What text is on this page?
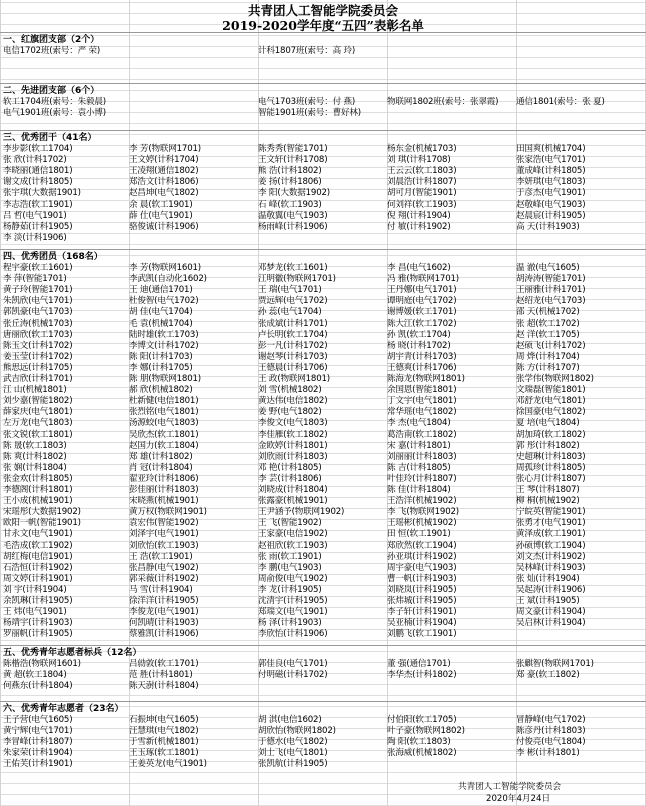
共青团人工智能学院委员会
2019-2020学年度“五四”表彰名单
一、红旗团支部（2个）
电信1702班(索号：严 荣)	计科1807班(索号：高 玲)
二、先进团支部（6个）
软工1704班(索号：朱毅晨)	电气1703班(索号：付 燕)	物联网1802班(索号：张翠霞) 通信1801(索号：张 夏)
电气1901班(索号：袁小博)	智能1901班(索号：曹好林)
三、优秀团干（41名）
李步影(软工1704)	李 芳(物联网1701)	陈秀秀(智能1701)	杨东金(机械1703)	田国爽(机械1704)
张 欣(计科1702)	王文婷(计科1704)	王文轩(计科1708)	刘 琪(计科1708)	张家浩(电气1701)
李晓丽(通信1801)	王凌翔(通信1802)	熊 浩(计科1802)	王云云(软工1803)	董成峰(计科1805)
谢文成(计科1805)	郑浩文(计科1806)	姜 扬(计科1806)	刘晨浩(计科1807)	李妍琪(电气1803)
张宇琪(大数据1901)	赵昌坤(电气1802)	李 阳(大数据1902)	胡可月(智能1901)	于彦杰(电气1901)
李志浩(软工1901)	余 晨(软工1901)	石 峰(软工1903)	何刘祥(软工1903)	赵敬峰(电气1903)
吕 哲(电气1901)	薛 仕(电气1901)	温敬翼(电气1903)	倪 翔(计科1904)	赵晨宸(计科1905)
杨静茹(计科1905)	骆俊诚(计科1906)	杨雨峰(计科1906)	付 敏(计科1902)	高 天(计科1903)
李 淡(计科1906)
四、优秀团员（168名）
程宇豪(软工1601)	李 芳(物联网1601)	邓梦龙(软工1601)	李 昌(电气1602)	温 澈(电气1605)
李 萍(智能1701)	李武凯(自动化1602)	江明徽(物联网1701)	冯 雅(物联网1701)	胡涛涛(智能1701)
黄子玲(智能1701)	王 迪(通信1701)	王 瑞(电气1701)	王丹娜(电气1701)	王丽雅(计科1701)
朱凯欣(电气1701)	杜俊智(电气1702)	贾远辉(电气1702)	谭明庭(电气1702)	赵绍龙(电气1703)
郭凯豪(电气1703)	胡 佳(电气1704)	孙 蕊(电气1704)	谢博媛(软工1701)	邵 天(机械1702)
张丘涛(机械1703)	毛 袁(机械1704)	张成斌(计科1701)	陈大江(软工1702)	张 超(软工1702)
唐丽欣(软工1703)	陆时雄(软工1703)	卢长明(软工1704)	孙 凯(软工1704)	赵 洋(软工1705)
陈玉文(计科1702)	李博文(计科1702)	彭一凡(计科1702)	杨 晓(计科1702)	赵硕飞(计科1702)
姜玉莹(计科1702)	陈 阳(计科1703)	谢赵琴(计科1703)	胡宇青(计科1703)	周 烨(计科1704)
熊思远(计科1705)	李 娜(计科1705)	王德晨(计科1706)	王德爽(计科1706)	陈 方(计科1707)
武吉欣(计科1701)	陈 朋(物联网1801)	王 政(物联网1801)	陈海龙(物联网1801)	张学伟(物联网1802)
江 山(机械1801)	郝 欣(机械1802)	刘 雪(机械1802)	余国恩(智能1801)	文瑞磊(智能1801)
刘少嘉(智能1802)	杜新健(电信1801)	黄达伟(电信1802)	丁文宇(电气1801)	邓舒龙(电气1801)
薛家庆(电气1801)	张烈铭(电气1801)	姜 野(电气1802)	常华瑶(电气1802)	徐国豪(电气1802)
左万龙(电气1803)	汤源蛟(电气1803)	李俊文(电气1803)	李 杰(电气1804)	夏 培(电气1804)
张文锐(软工1801)	吴欣杰(软工1801)	李佳雁(软工1802)	葛浩南(软工1802)	胡加琦(软工1802)
陈 晟(软工1803)	赵国力(软工1804)	金欧婷(计科1801)	宋 嘉(计科1801)	郭 彤(计科1802)
陈 爽(计科1802)	郑 雄(计科1802)	刘欣雨(计科1803)	刘丽丽(计科1803)	史超琳(计科1803)
张 娴(计科1804)	肖 冠(计科1804)	邓 艳(计科1805)	陈 吉(计科1805)	周孤珍(计科1805)
张金欢(计科1805)	翟亚玲(计科1806)	李 芸(计科1806)	叶佳玲(计科1807)	张心月(计科1807)
李德阁(计科1801)	彭佳丽(计科1803)	刘晓成(计科1804)	陈 佳(计科1804)	王 琴(计科1807)
王小成(机械1901)	宋晓燕(机械1901)	张露豪(机械1901)	王浩洋(机械1902)	柳 桐(机械1902)
宋瑶彤(大数据1902)	黄万权(物联网1901)	王尹涵予(物联网1902)	李 飞(物联网1902)	宁皖英(智能1901)
欧阳一帆(智能1901)	袁宏伟(智能1902)	王 飞(智能1902)	王瑶彬(机械1902)	张勇才(电气1901)
甘永文(电气1901)	刘泽宇(电气1901)	王家豪(电信1902)	田 恒(软工1901)	黄泽成(软工1901)
毛浩成(软工1902)	刘欣怡(软工1903)	赵祖欣(软工1903)	郑欣然(软工1904)	孙硕博(软工1904)
胡红梅(电信1901)	王 浩(软工1901)	张 雨(软工1901)	孙亚琪(计科1902)	刘文杰(计科1902)
石浩恒(计科1902)	张昌静(电气1902)	李 鹏(电气1903)	周宇豪(电气1903)	吴林峰(计科1903)
周文婷(计科1901)	郭采薇(计科1902)	周俞俊(电气1902)	曹一帆(计科1903)	张 灿(计科1904)
刘 宇(计科1904)	马 雪(计科1904)	李 龙(计科1905)	刘晓岚(计科1905)	吴起涛(计科1906)
余凯琳(计科1905)	徐洋洋(计科1905)	沈清宇(计科1905)	张炜城(计科1905)	王 斌(计科1905)
王 炜(电气1901)	李俊龙(电气1901)	郑瑞文(电气1901)	李子轩(计科1901)	周文豪(计科1904)
杨靖宇(计科1903)	何凯晴(计科1903)	杨 泽(计科1903)	吴亚楠(计科1904)	吴启林(计科1904)
罗丽帆(计科1905)	蔡雅凯(计科1906)	李欣怡(计科1906)	刘鹏飞(软工1901)
五、优秀青年志愿者标兵（12名）
陈楷浩(物联网1601)	吕勍敦(软工1701)	郭佳良(电气1701)	董 强(通信1701)	张麒智(物联网1701)
黄 超(软工1804)	范 胜(计科1801)	付明磁(计科1702)	李华杰(计科1802)	郑 豪(软工1802)
何燕东(计科1804)	陈天澍(计科1804)
六、优秀青年志愿者（23名）
王子营(电气1605)	石振坤(电气1605)	胡 淇(电信1602)	付伯阳(软工1705)	冒静峰(电气1702)
黄宁辉(电气1701)	汪慧琪(电气1802)	胡欣怡(物联网1802)	叶子豪(物联网1802)	陈彦丹(计科1803)
李冒峰(计科1807)	于雪新(机械1801)	于德水(电气1802)	陶 阳(软工1803)	付俊亮(电气1804)
朱家荣(计科1904)	王玉琢(软工1801)	刘士飞(电气1801)	张海威(机械1802)	李 彬(计科1801)
王佑芙(计科1901)	王姜英龙(电气1901)	张凯航(计科1905)
共青团人工智能学院委员会
2020年4月24日
